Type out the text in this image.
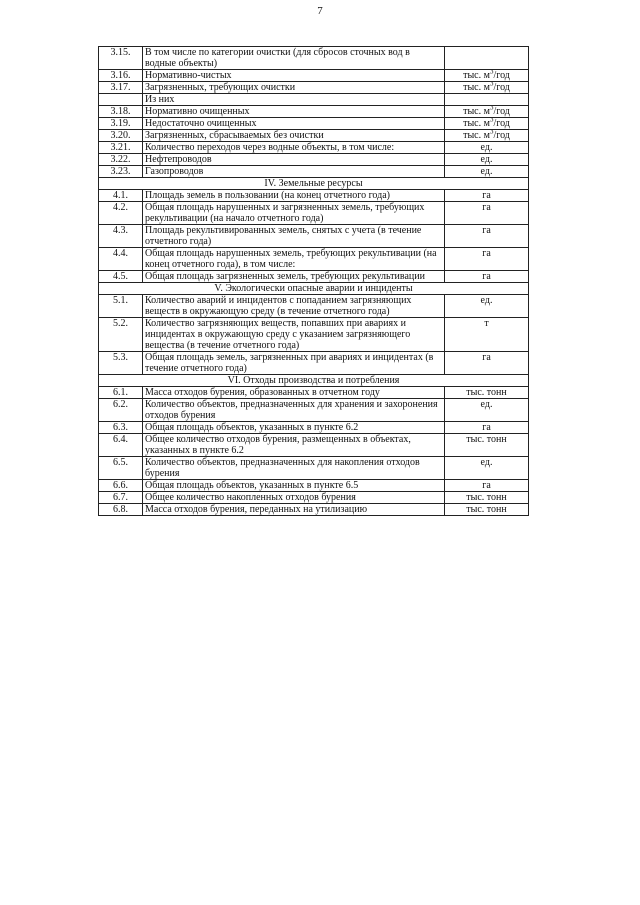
7
3.15.	В том числе по категории очистки (для сбросов сточных вод в водные объекты)		
3.16.	Нормативно-чистых	тыс. $м^3$/год	
3.17.	Загрязненных, требующих очистки	тыс. $м^3$/год	
	Из них		
3.18.	Нормативно очищенных	тыс. $м^3$/год	
3.19.	Недостаточно очищенных	тыс. $м^3$/год	
3.20.	Загрязненных, сбрасываемых без очистки	тыс. $м^3$/год	
3.21.	Количество переходов через водные объекты, в том числе:	ед.	
3.22.	Нефтепроводов	ед.	
3.23.	Газопроводов	ед.	
IV. Земельные ресурсы			
4.1.	Площадь земель в пользовании (на конец отчетного года)	га	
4.2.	Общая площадь нарушенных и загрязненных земель, требующих рекультивации (на начало отчетного года)	га	
4.3.	Площадь рекультивированных земель, снятых с учета (в течение отчетного года)	га	
4.4.	Общая площадь нарушенных земель, требующих рекультивации (на конец отчетного года), в том числе:	га	
4.5.	Общая площадь загрязненных земель, требующих рекультивации	га	
V. Экологически опасные аварии и инциденты			
5.1.	Количество аварий и инцидентов с попаданием загрязняющих веществ в окружающую среду (в течение отчетного года)	ед.	
5.2.	Количество загрязняющих веществ, попавших при авариях и инцидентах в окружающую среду с указанием загрязняющего вещества (в течение отчетного года)	т	
5.3.	Общая площадь земель, загрязненных при авариях и инцидентах (в течение отчетного года)	га	
VI. Отходы производства и потребления			
6.1.	Масса отходов бурения, образованных в отчетном году	тыс. тонн	
6.2.	Количество объектов, предназначенных для хранения и захоронения отходов бурения	ед.	
6.3.	Общая площадь объектов, указанных в пункте 6.2	га	
6.4.	Общее количество отходов бурения, размещенных в объектах, указанных в пункте 6.2	тыс. тонн	
6.5.	Количество объектов, предназначенных для накопления отходов бурения	ед.	
6.6.	Общая площадь объектов, указанных в пункте 6.5	га	
6.7.	Общее количество накопленных отходов бурения	тыс. тонн	
6.8.	Масса отходов бурения, переданных на утилизацию	тыс. тонн	
